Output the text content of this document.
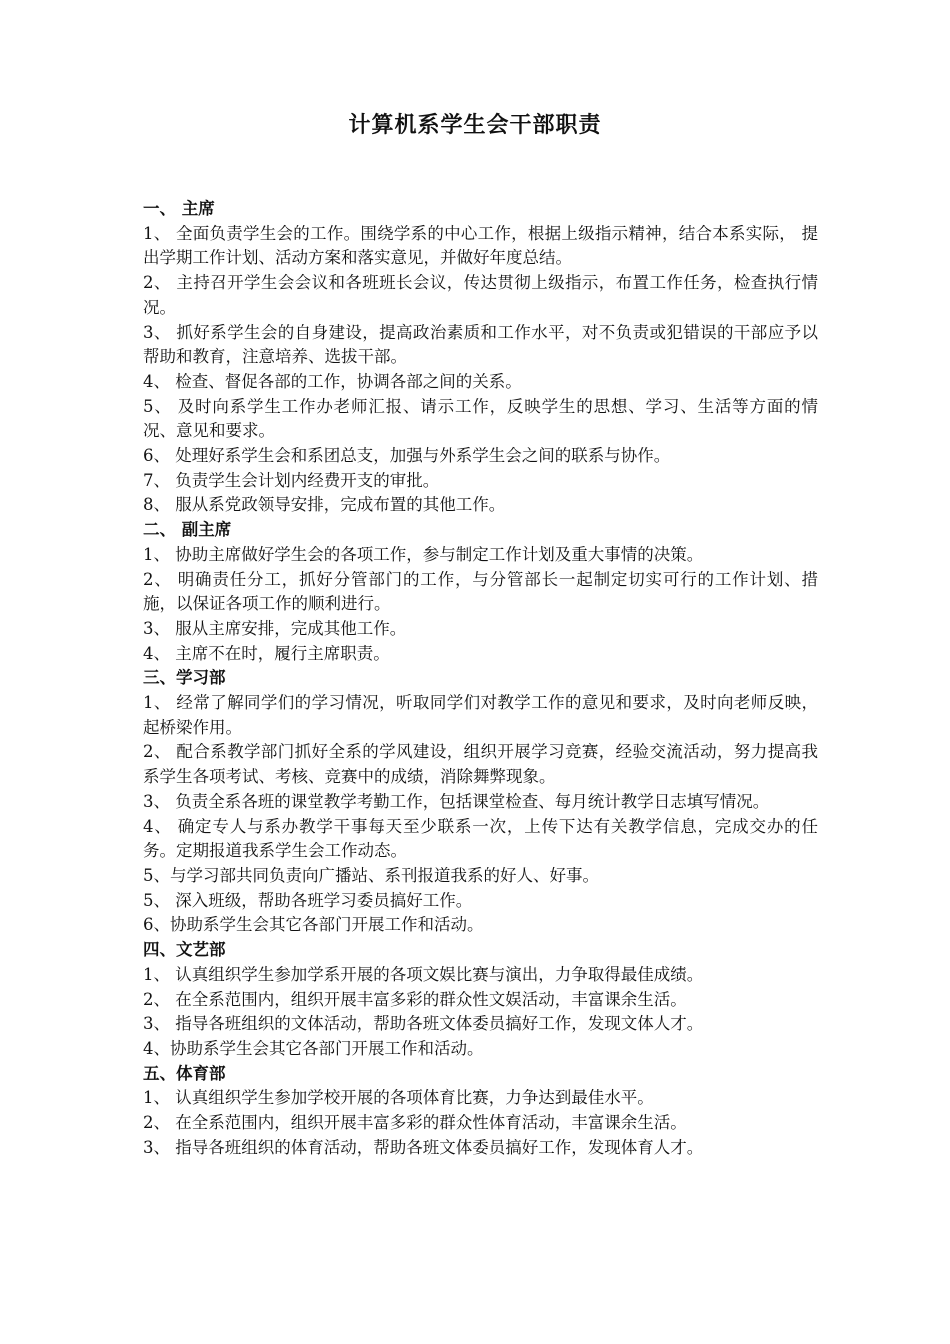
计算机系学生会干部职责

一、 主席

1、 全面负责学生会的工作。围绕学系的中心工作，根据上级指示精神，结合本系实际， 提出学期工作计划、活动方案和落实意见，并做好年度总结。

2、 主持召开学生会会议和各班班长会议，传达贯彻上级指示，布置工作任务，检查执行情况。

3、 抓好系学生会的自身建设，提高政治素质和工作水平，对不负责或犯错误的干部应予以帮助和教育，注意培养、选拔干部。

4、 检查、督促各部的工作，协调各部之间的关系。

5、 及时向系学生工作办老师汇报、请示工作，反映学生的思想、学习、生活等方面的情况、意见和要求。

6、 处理好系学生会和系团总支，加强与外系学生会之间的联系与协作。

7、 负责学生会计划内经费开支的审批。

8、 服从系党政领导安排，完成布置的其他工作。

二、 副主席

1、 协助主席做好学生会的各项工作，参与制定工作计划及重大事情的决策。

2、 明确责任分工，抓好分管部门的工作，与分管部长一起制定切实可行的工作计划、措施，以保证各项工作的顺利进行。

3、 服从主席安排，完成其他工作。

4、 主席不在时，履行主席职责。

三、学习部

1、 经常了解同学们的学习情况，听取同学们对教学工作的意见和要求，及时向老师反映，起桥梁作用。

2、 配合系教学部门抓好全系的学风建设，组织开展学习竞赛，经验交流活动，努力提高我系学生各项考试、考核、竞赛中的成绩，消除舞弊现象。

3、 负责全系各班的课堂教学考勤工作，包括课堂检查、每月统计教学日志填写情况。

4、 确定专人与系办教学干事每天至少联系一次，上传下达有关教学信息，完成交办的任务。定期报道我系学生会工作动态。

5、与学习部共同负责向广播站、系刊报道我系的好人、好事。

5、 深入班级，帮助各班学习委员搞好工作。

6、协助系学生会其它各部门开展工作和活动。

四、文艺部

1、 认真组织学生参加学系开展的各项文娱比赛与演出，力争取得最佳成绩。

2、 在全系范围内，组织开展丰富多彩的群众性文娱活动，丰富课余生活。

3、 指导各班组织的文体活动，帮助各班文体委员搞好工作，发现文体人才。

4、协助系学生会其它各部门开展工作和活动。

五、体育部

1、 认真组织学生参加学校开展的各项体育比赛，力争达到最佳水平。

2、 在全系范围内，组织开展丰富多彩的群众性体育活动，丰富课余生活。

3、 指导各班组织的体育活动，帮助各班文体委员搞好工作，发现体育人才。
